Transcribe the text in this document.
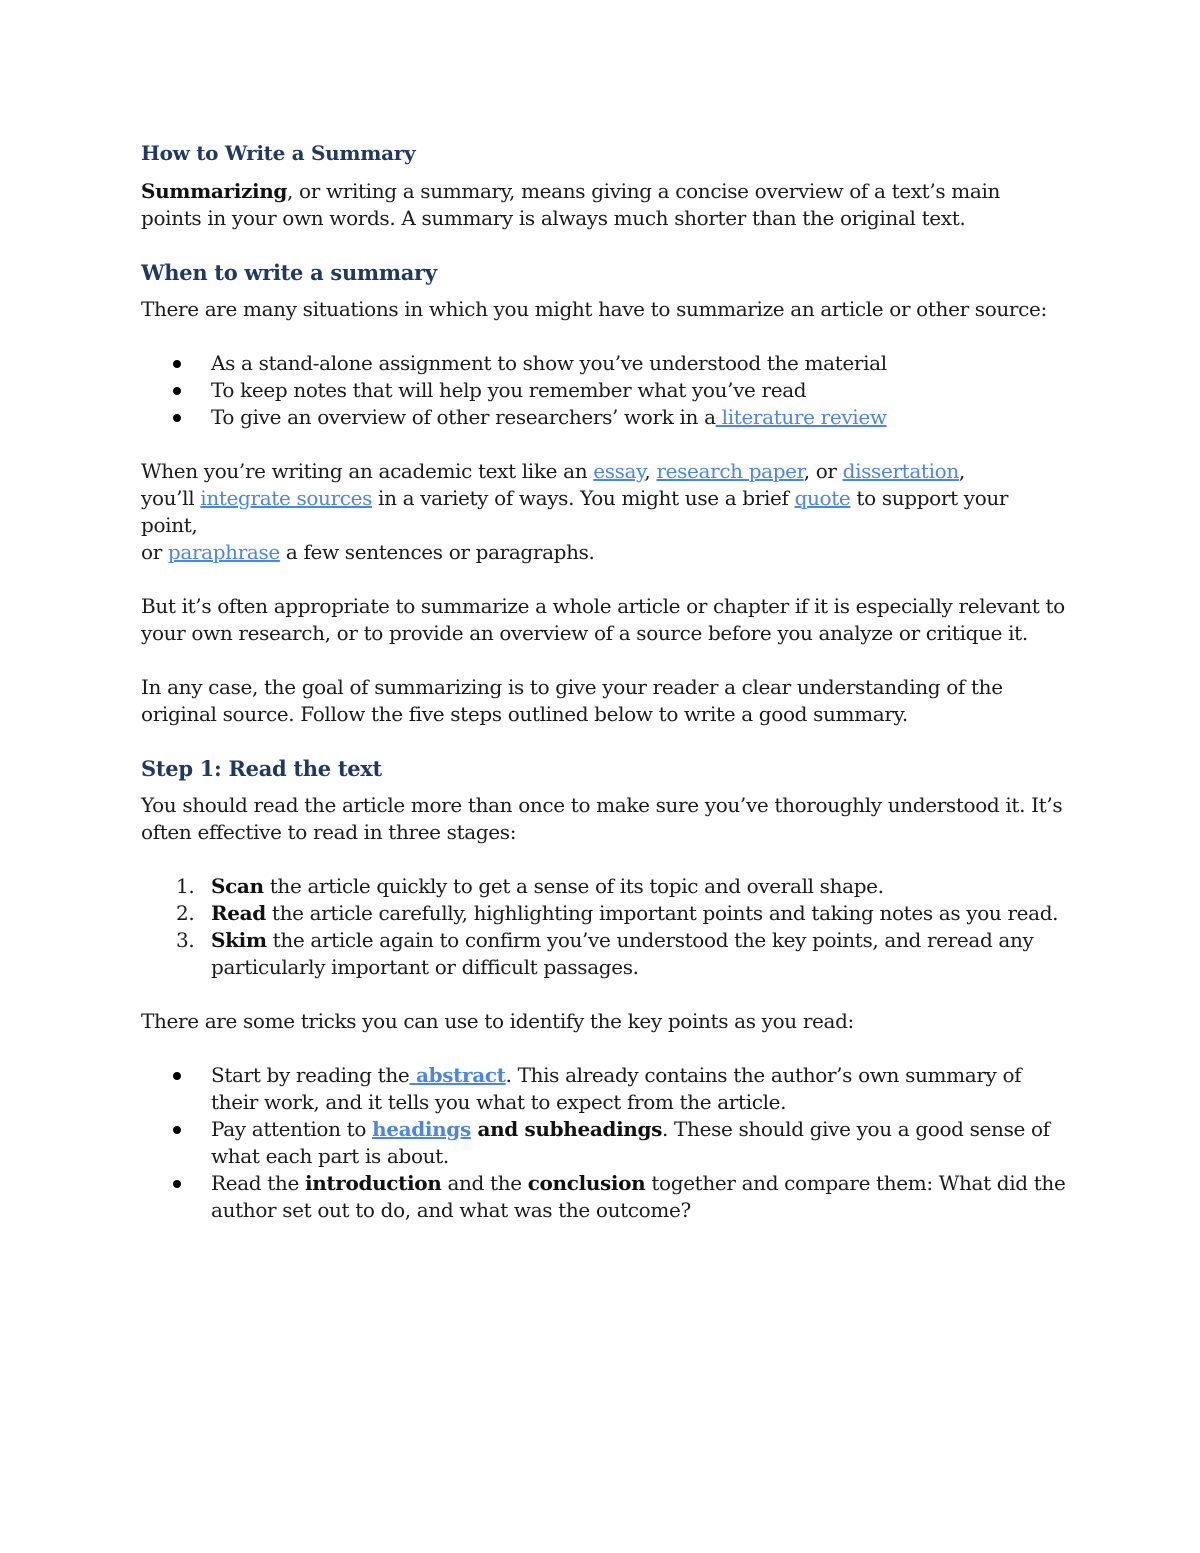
How to Write a Summary

Summarizing, or writing a summary, means giving a concise overview of a text’s main points in your own words. A summary is always much shorter than the original text.

When to write a summary

There are many situations in which you might have to summarize an article or other source:

As a stand-alone assignment to show you’ve understood the material
To keep notes that will help you remember what you’ve read
To give an overview of other researchers’ work in a literature review

When you’re writing an academic text like an essay, research paper, or dissertation,
you’ll integrate sources in a variety of ways. You might use a brief quote to support your point,
or paraphrase a few sentences or paragraphs.

But it’s often appropriate to summarize a whole article or chapter if it is especially relevant to your own research, or to provide an overview of a source before you analyze or critique it.

In any case, the goal of summarizing is to give your reader a clear understanding of the original source. Follow the five steps outlined below to write a good summary.

Step 1: Read the text

You should read the article more than once to make sure you’ve thoroughly understood it. It’s often effective to read in three stages:

1. Scan the article quickly to get a sense of its topic and overall shape.
2. Read the article carefully, highlighting important points and taking notes as you read.
3. Skim the article again to confirm you’ve understood the key points, and reread any particularly important or difficult passages.

There are some tricks you can use to identify the key points as you read:

Start by reading the abstract. This already contains the author’s own summary of their work, and it tells you what to expect from the article.
Pay attention to headings and subheadings. These should give you a good sense of what each part is about.
Read the introduction and the conclusion together and compare them: What did the author set out to do, and what was the outcome?
